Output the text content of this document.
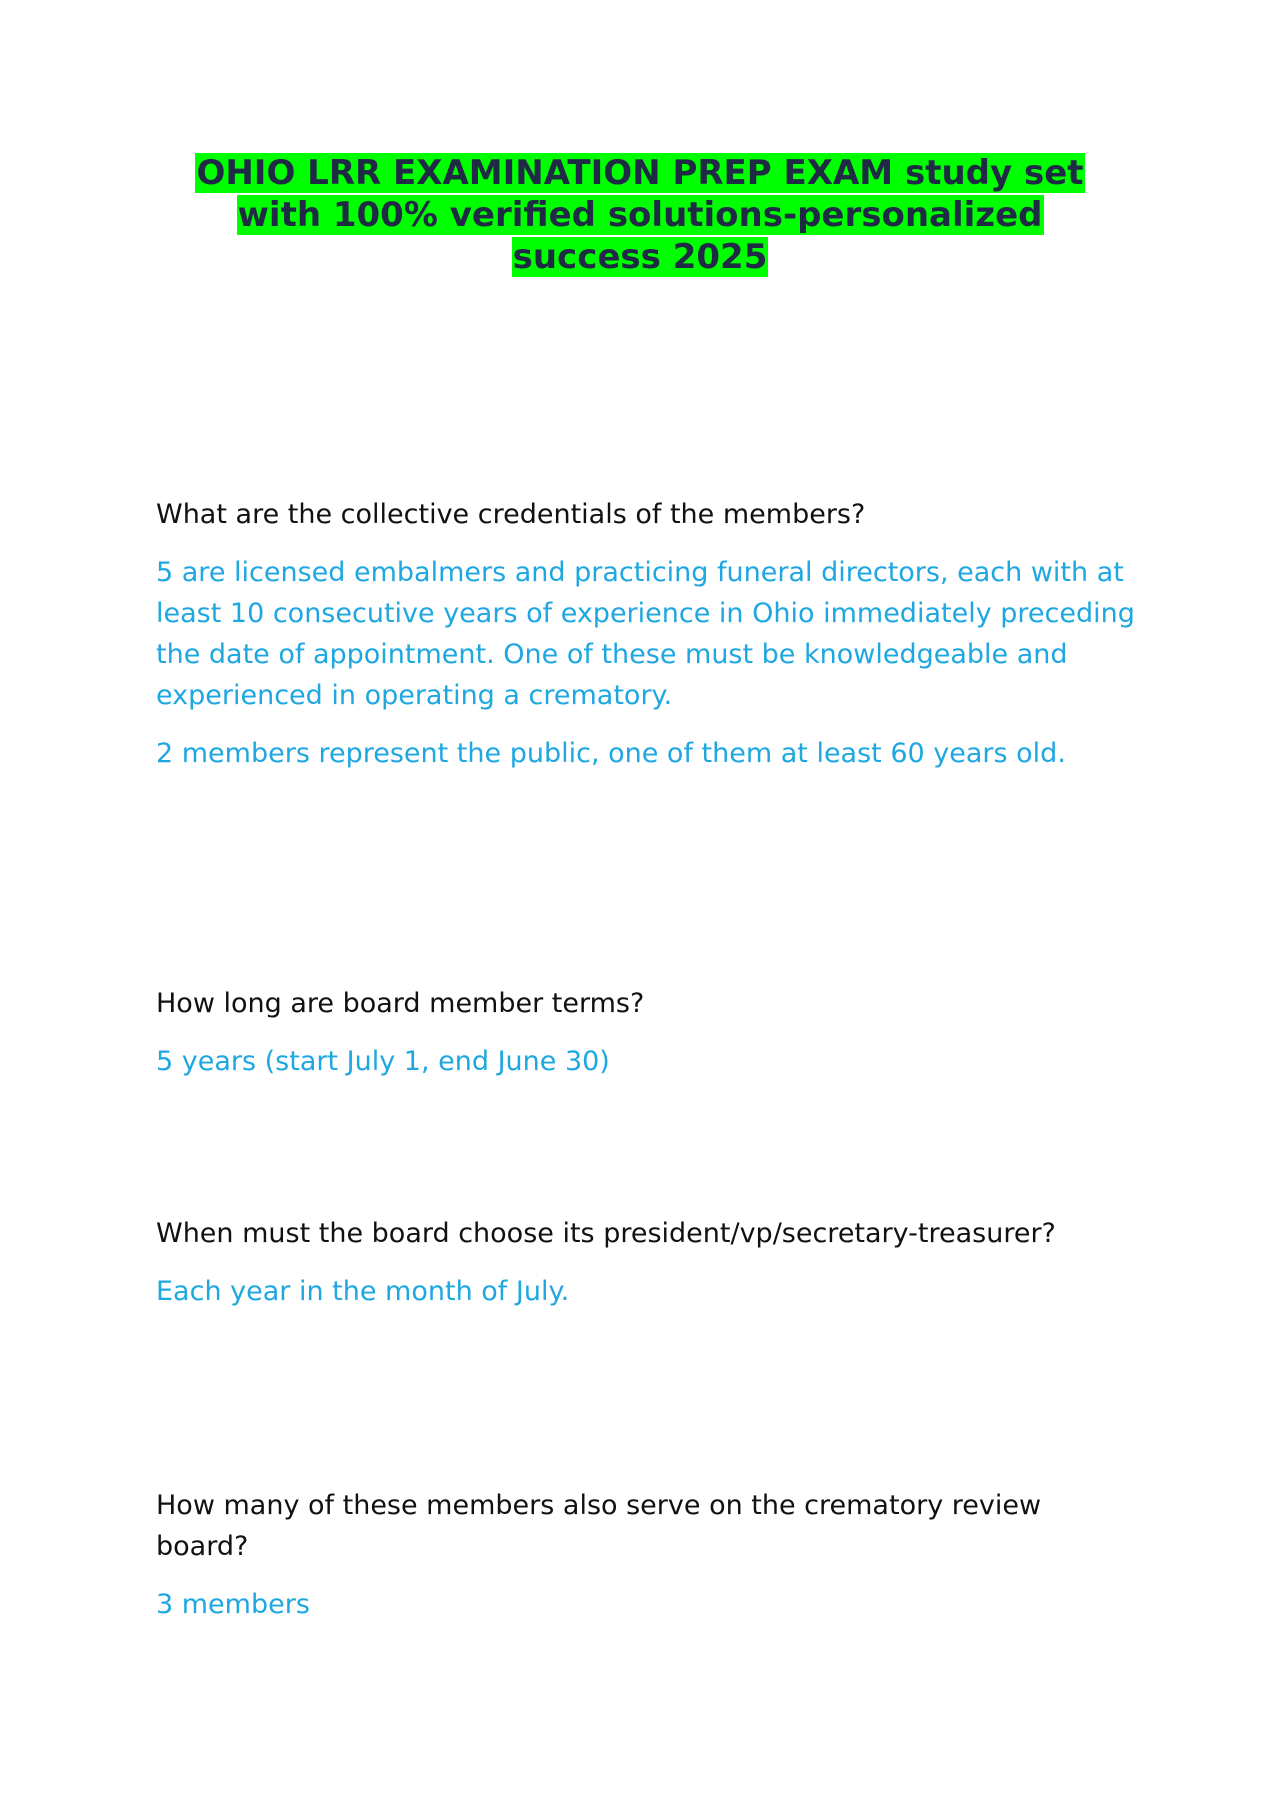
OHIO LRR EXAMINATION PREP EXAM study set
with 100% verified solutions-personalized
success 2025

What are the collective credentials of the members?

5 are licensed embalmers and practicing funeral directors, each with at least 10 consecutive years of experience in Ohio immediately preceding the date of appointment. One of these must be knowledgeable and experienced in operating a crematory.

2 members represent the public, one of them at least 60 years old.

How long are board member terms?

5 years (start July 1, end June 30)

When must the board choose its president/vp/secretary-treasurer?

Each year in the month of July.

How many of these members also serve on the crematory review board?

3 members
